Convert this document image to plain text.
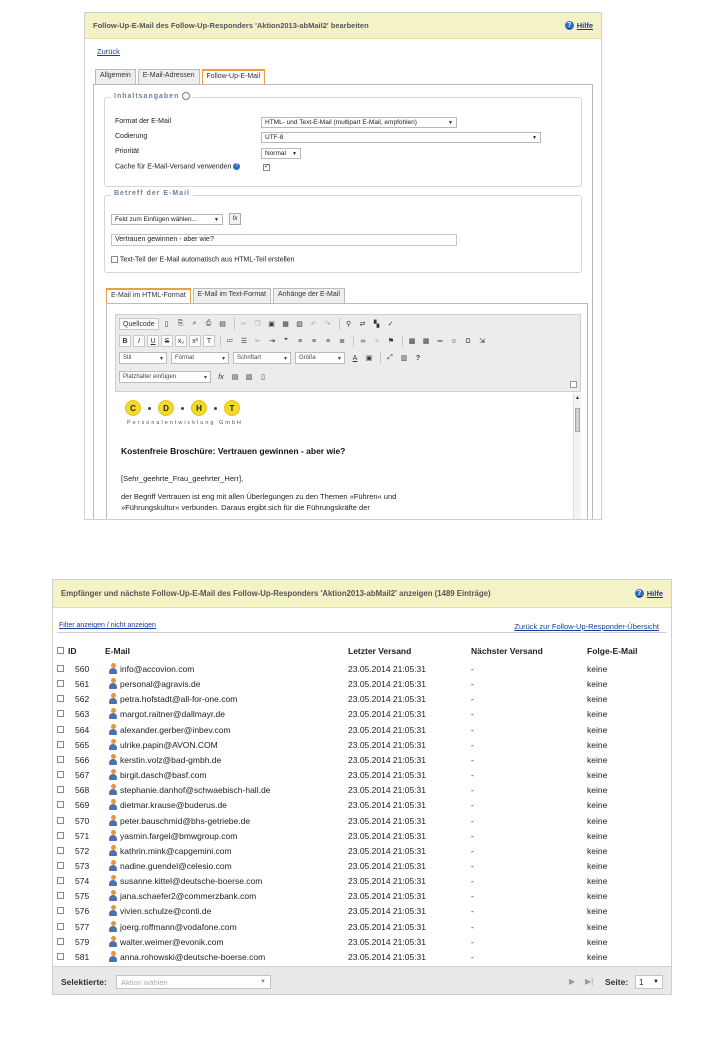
Follow-Up-E-Mail des Follow-Up-Responders 'Aktion2013-abMail2' bearbeiten	? Hilfe
Zurück
Allgemein	E-Mail-Adressen	Follow-Up-E-Mail
Inhaltsangaben
Format der E-Mail	HTML- und Text-E-Mail (multipart E-Mail, empfohlen)	▼
Codierung	UTF-8	▼
Priorität	Normal ▼
Cache für E-Mail-Versand verwenden ?
✓
Betreff der E-Mail
Feld zum Einfügen wählen...	▼	fx
Vertrauen gewinnen - aber wie?
Text-Teil der E-Mail automatisch aus HTML-Teil erstellen
E-Mail im HTML-Format	E-Mail im Text-Format	Anhänge der E-Mail
Quellcode	▯	⎘	⌕	⎙	▤	✂	❐	▣	▦	▧	↶	↷	⚲	⇄	▚	✓
B	I	U	S	x₂	x²	T	≔	☰	⇤	⇥	❞	≡	≡	≡	≣	∞	∝	⚑	▩	▦	═	☺	Ω	⇲
Stil	▾ Format	▾ Schriftart	▾ Größe	▾	A	▣	⤢	▥	?
Platzhalter einfügen	▾	fx	▤	▧	▯
C	D	H	T
Personalentwicklung GmbH
Kostenfreie Broschüre: Vertrauen gewinnen - aber wie?
[Sehr_geehrte_Frau_geehrter_Herr],
der Begriff Vertrauen ist eng mit allen Überlegungen zu den Themen »Führen« und
»Führungskultur« verbunden. Daraus ergibt sich für die Führungskräfte der
▲
Empfänger und nächste Follow-Up-E-Mail des Follow-Up-Responders 'Aktion2013-abMail2' anzeigen (1489 Einträge)	? Hilfe
Filter anzeigen / nicht anzeigen	Zurück zur Follow-Up-Responder-Übersicht
ID	E-Mail	Letzter Versand	Nächster Versand	Folge-E-Mail
560	info@accovion.com	23.05.2014 21:05:31	-	keine
561	personal@agravis.de	23.05.2014 21:05:31	-	keine
562	petra.hofstadt@all-for-one.com	23.05.2014 21:05:31	-	keine
563	margot.raitner@dallmayr.de	23.05.2014 21:05:31	-	keine
564	alexander.gerber@inbev.com	23.05.2014 21:05:31	-	keine
565	ulrike.papin@AVON.COM	23.05.2014 21:05:31	-	keine
566	kerstin.volz@bad-gmbh.de	23.05.2014 21:05:31	-	keine
567	birgit.dasch@basf.com	23.05.2014 21:05:31	-	keine
568	stephanie.danhof@schwaebisch-hall.de	23.05.2014 21:05:31	-	keine
569	dietmar.krause@buderus.de	23.05.2014 21:05:31	-	keine
570	peter.bauschmid@bhs-getriebe.de	23.05.2014 21:05:31	-	keine
571	yasmin.fargel@bmwgroup.com	23.05.2014 21:05:31	-	keine
572	kathrin.mink@capgemini.com	23.05.2014 21:05:31	-	keine
573	nadine.guendel@celesio.com	23.05.2014 21:05:31	-	keine
574	susanne.kittel@deutsche-boerse.com	23.05.2014 21:05:31	-	keine
575	jana.schaefer2@commerzbank.com	23.05.2014 21:05:31	-	keine
576	vivien.schulze@conti.de	23.05.2014 21:05:31	-	keine
577	joerg.roffmann@vodafone.com	23.05.2014 21:05:31	-	keine
579	walter.weimer@evonik.com	23.05.2014 21:05:31	-	keine
581	anna.rohowski@deutsche-boerse.com	23.05.2014 21:05:31	-	keine
Selektierte: Aktion wählen	▼	▶ ▶| Seite: 1 ▼
